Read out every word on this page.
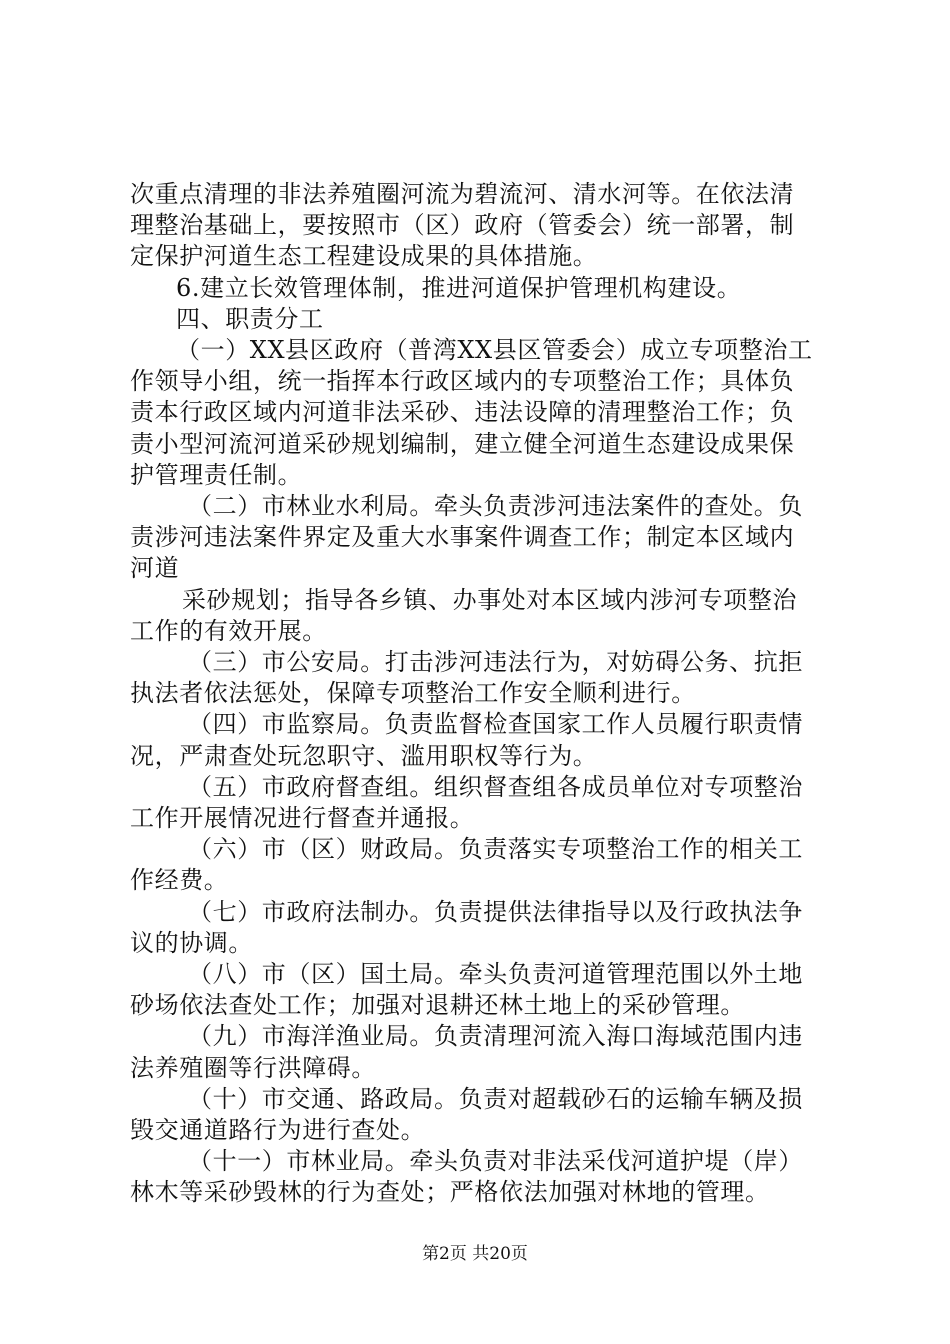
次重点清理的非法养殖圈河流为碧流河、清水河等。在依法清
理整治基础上，要按照市（区）政府（管委会）统一部署，制
定保护河道生态工程建设成果的具体措施。
6.建立长效管理体制，推进河道保护管理机构建设。
四、职责分工
（一）XX县区政府（普湾XX县区管委会）成立专项整治工
作领导小组，统一指挥本行政区域内的专项整治工作；具体负
责本行政区域内河道非法采砂、违法设障的清理整治工作；负
责小型河流河道采砂规划编制，建立健全河道生态建设成果保
护管理责任制。
（二）市林业水利局。牵头负责涉河违法案件的查处。负
责涉河违法案件界定及重大水事案件调查工作；制定本区域内
河道
采砂规划；指导各乡镇、办事处对本区域内涉河专项整治
工作的有效开展。
（三）市公安局。打击涉河违法行为，对妨碍公务、抗拒
执法者依法惩处，保障专项整治工作安全顺利进行。
（四）市监察局。负责监督检查国家工作人员履行职责情
况，严肃查处玩忽职守、滥用职权等行为。
（五）市政府督查组。组织督查组各成员单位对专项整治
工作开展情况进行督查并通报。
（六）市（区）财政局。负责落实专项整治工作的相关工
作经费。
（七）市政府法制办。负责提供法律指导以及行政执法争
议的协调。
（八）市（区）国土局。牵头负责河道管理范围以外土地
砂场依法查处工作；加强对退耕还林土地上的采砂管理。
（九）市海洋渔业局。负责清理河流入海口海域范围内违
法养殖圈等行洪障碍。
（十）市交通、路政局。负责对超载砂石的运输车辆及损
毁交通道路行为进行查处。
（十一）市林业局。牵头负责对非法采伐河道护堤（岸）
林木等采砂毁林的行为查处；严格依法加强对林地的管理。
第2页 共20页
